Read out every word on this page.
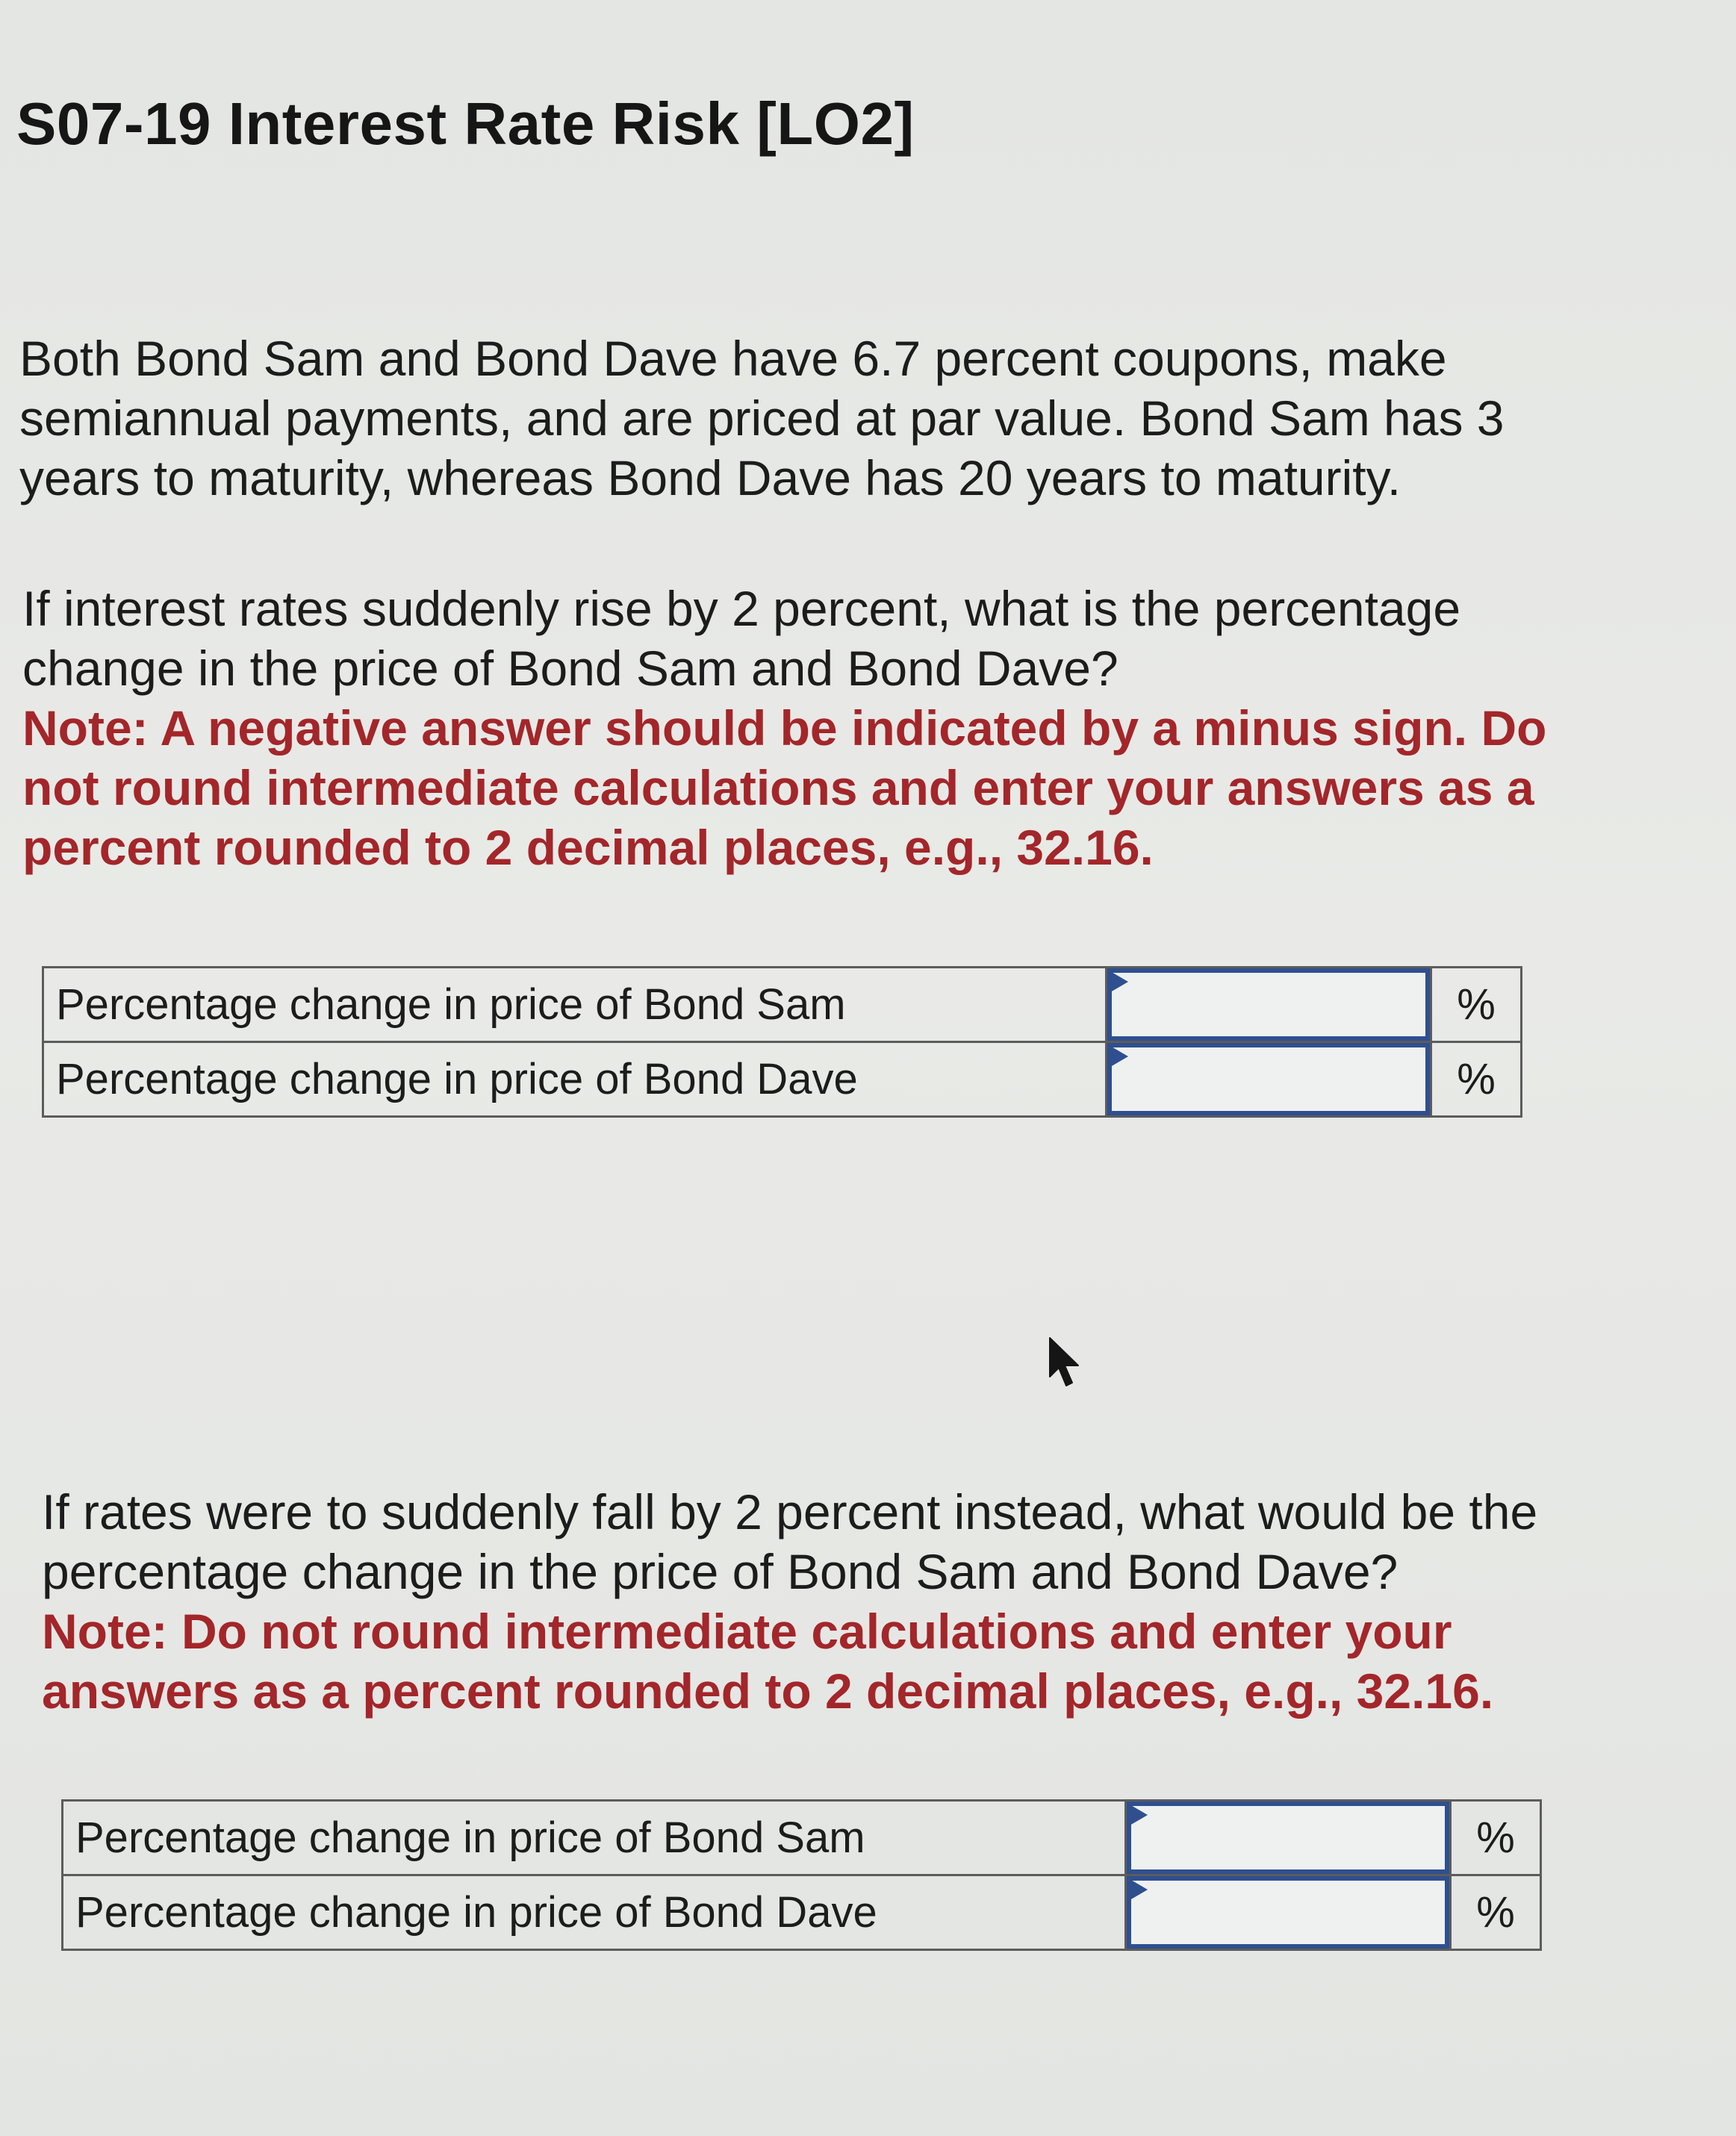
S07-19 Interest Rate Risk [LO2]
Both Bond Sam and Bond Dave have 6.7 percent coupons, make semiannual payments, and are priced at par value. Bond Sam has 3 years to maturity, whereas Bond Dave has 20 years to maturity.
If interest rates suddenly rise by 2 percent, what is the percentage change in the price of Bond Sam and Bond Dave?
Note: A negative answer should be indicated by a minus sign. Do not round intermediate calculations and enter your answers as a percent rounded to 2 decimal places, e.g., 32.16.
Percentage change in price of Bond Sam		%
Percentage change in price of Bond Dave		%
If rates were to suddenly fall by 2 percent instead, what would be the percentage change in the price of Bond Sam and Bond Dave?
Note: Do not round intermediate calculations and enter your answers as a percent rounded to 2 decimal places, e.g., 32.16.
Percentage change in price of Bond Sam		%
Percentage change in price of Bond Dave		%
